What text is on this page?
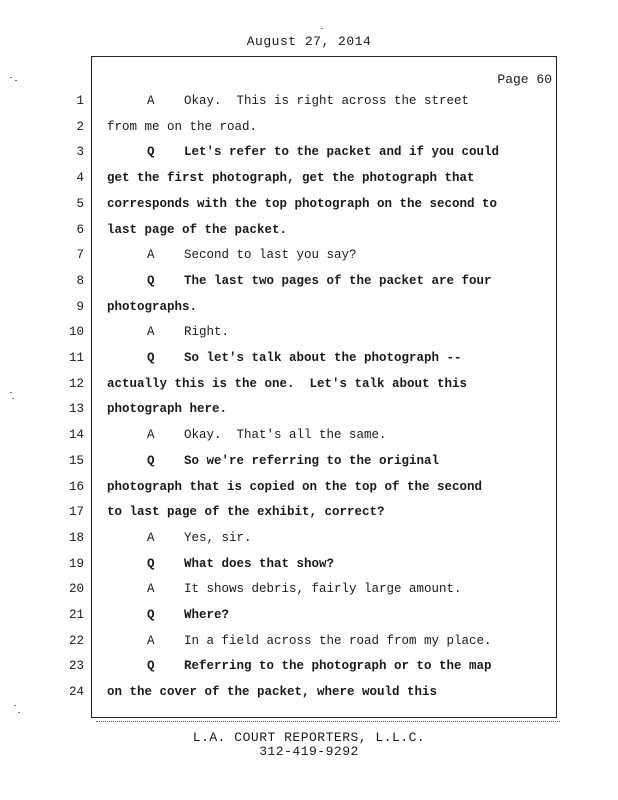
August 27, 2014
Page 60
1	A Okay.  This is right across the street
2 from me on the road.
3	Q Let's refer to the packet and if you could
4 get the first photograph, get the photograph that
5 corresponds with the top photograph on the second to
6 last page of the packet.
7	A Second to last you say?
8	Q The last two pages of the packet are four
9 photographs.
10	A Right.
11	Q So let's talk about the photograph --
12 actually this is the one.  Let's talk about this
13 photograph here.
14	A Okay.  That's all the same.
15	Q So we're referring to the original
16 photograph that is copied on the top of the second
17 to last page of the exhibit, correct?
18	A Yes, sir.
19	Q What does that show?
20	A It shows debris, fairly large amount.
21	Q Where?
22	A In a field across the road from my place.
23	Q Referring to the photograph or to the map
24 on the cover of the packet, where would this
L.A. COURT REPORTERS, L.L.C.
312-419-9292
